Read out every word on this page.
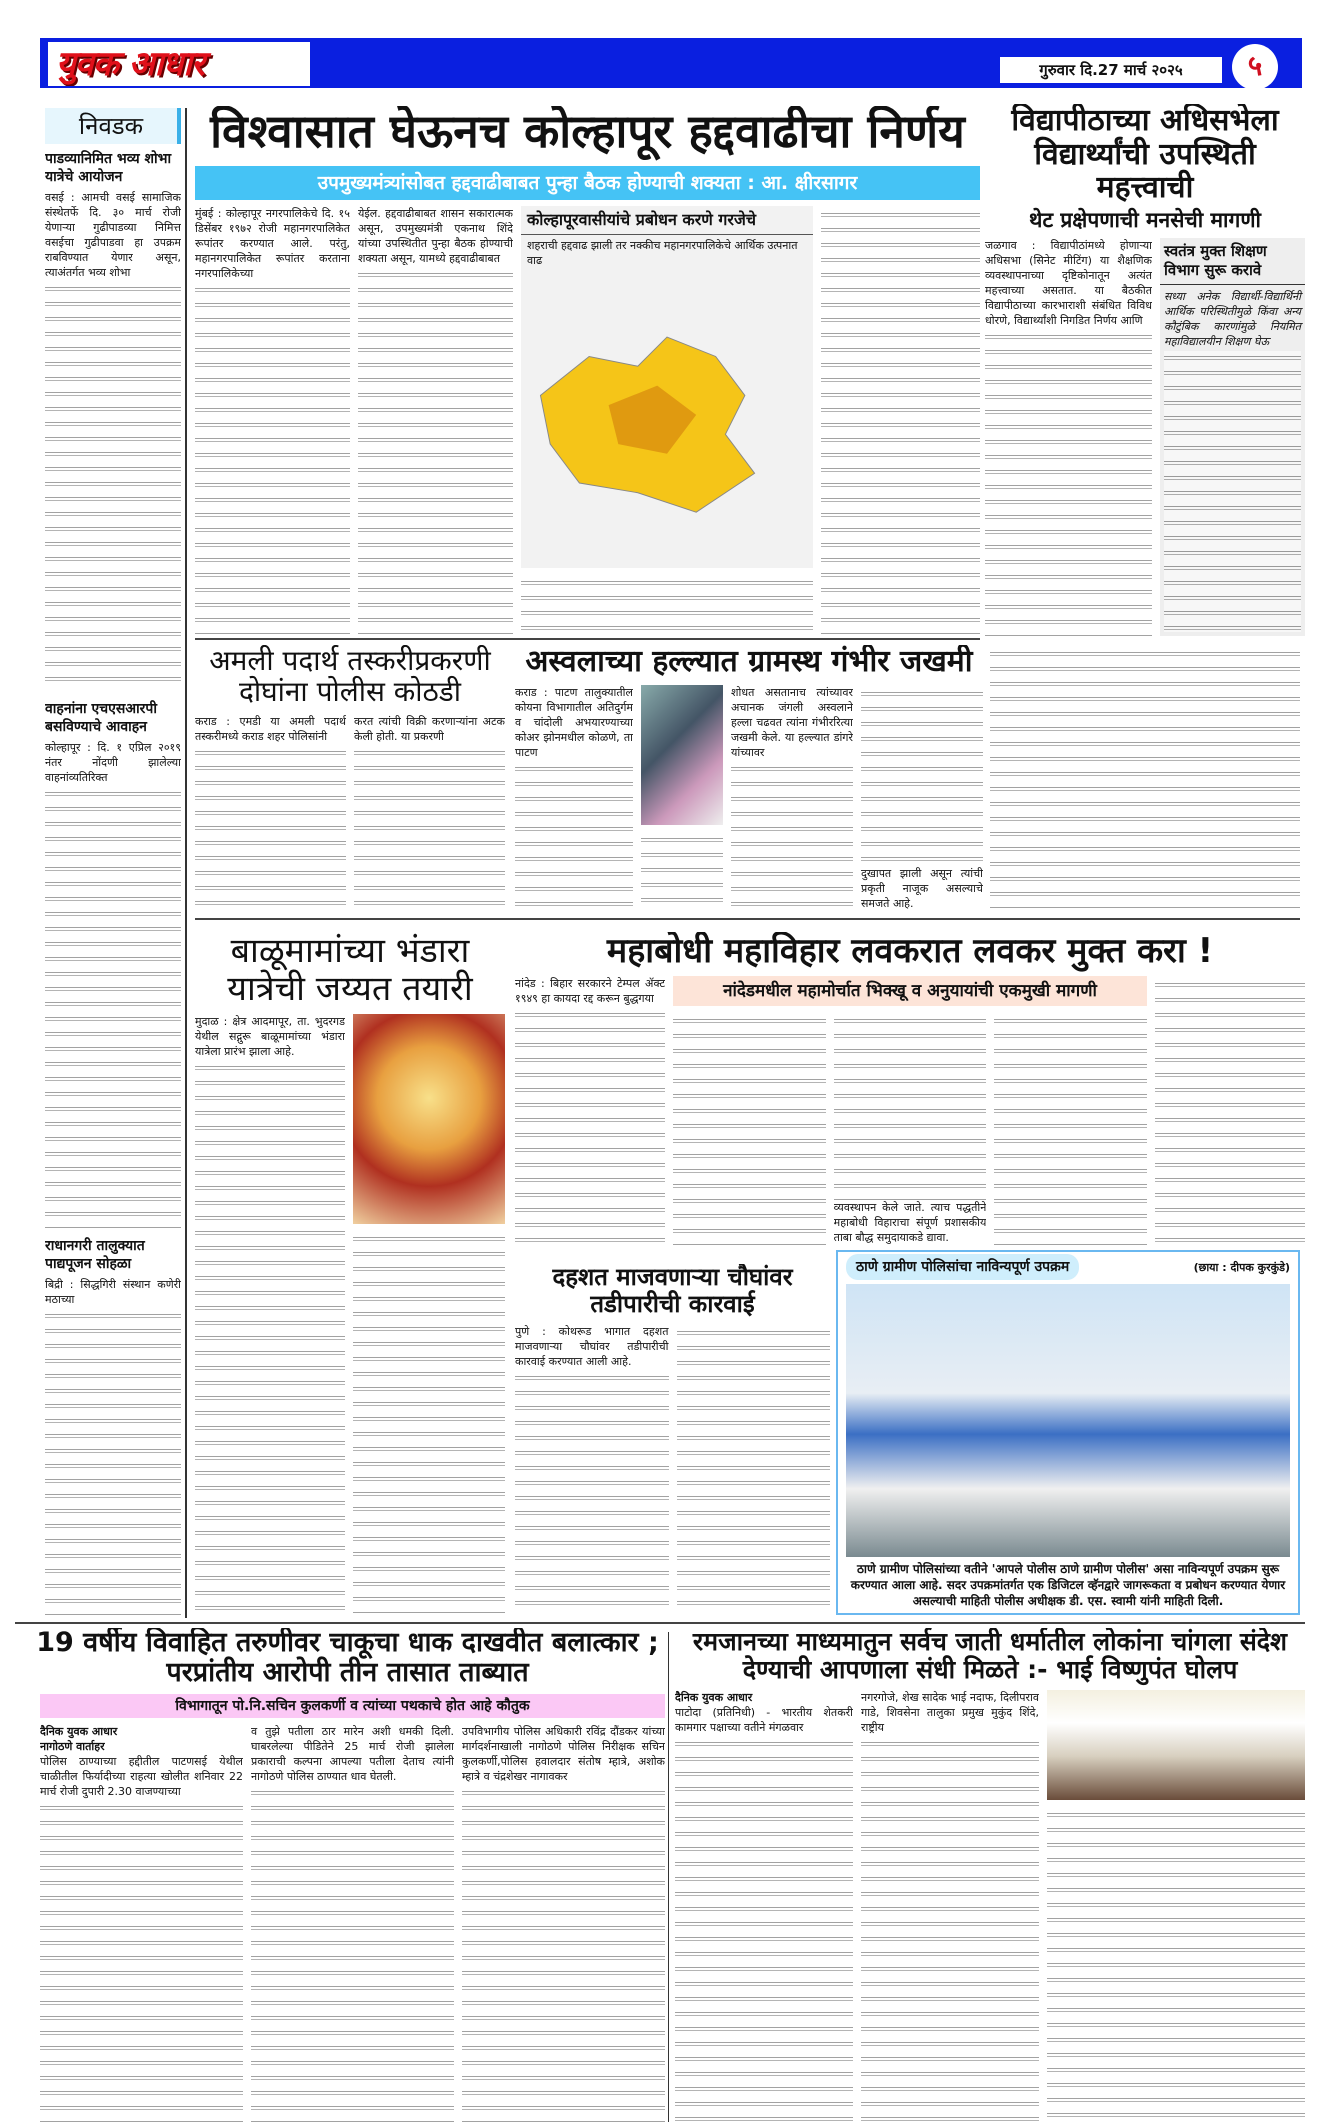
युवक आधार	गुरुवार दि.27 मार्च २०२५	५
निवडक
पाडव्यानिमित भव्य शोभा यात्रेचे आयोजन

वसई : आमची वसई सामाजिक संस्थेतर्फे दि. ३० मार्च रोजी येणाऱ्या गुढीपाडव्या निमित्त वसईचा गुढीपाडवा हा उपक्रम राबविण्यात येणार असून, त्याअंतर्गत भव्य शोभा

वाहनांना एचएसआरपी बसविण्याचे आवाहन

कोल्हापूर : दि. १ एप्रिल २०१९ नंतर नोंदणी झालेल्या वाहनांव्यतिरिक्त

राधानगरी तालुक्यात पाद्यपूजन सोहळा

बिद्री : सिद्धगिरी संस्थान कणेरी मठाच्या

विश्वासात घेऊनच कोल्हापूर हद्दवाढीचा निर्णय
उपमुख्यमंत्र्यांसोबत हद्दवाढीबाबत पुन्हा बैठक होण्याची शक्यता : आ. क्षीरसागर

मुंबई : कोल्हापूर नगरपालिकेचे दि. १५ डिसेंबर १९७२ रोजी महानगरपालिकेत रूपांतर करण्यात आले. परंतु, महानगरपालिकेत रूपांतर करताना नगरपालिकेच्या

येईल. हद्दवाढीबाबत शासन सकारात्मक असून, उपमुख्यमंत्री एकनाथ शिंदे यांच्या उपस्थितीत पुन्हा बैठक होण्याची शक्यता असून, यामध्ये हद्दवाढीबाबत

कोल्हापूरवासीयांचे प्रबोधन करणे गरजेचे
शहराची हद्दवाढ झाली तर नक्कीच महानगरपालिकेचे आर्थिक उत्पनात वाढ
विद्यापीठाच्या अधिसभेला विद्यार्थ्यांची उपस्थिती महत्त्वाची
थेट प्रक्षेपणाची मनसेची मागणी

जळगाव : विद्यापीठांमध्ये होणाऱ्या अधिसभा (सिनेट मीटिंग) या शैक्षणिक व्यवस्थापनाच्या दृष्टिकोनातून अत्यंत महत्त्वाच्या असतात. या बैठकीत विद्यापीठाच्या कारभाराशी संबंधित विविध धोरणे, विद्यार्थ्यांशी निगडित निर्णय आणि

स्वतंत्र मुक्त शिक्षण विभाग सुरू करावे

सध्या अनेक विद्यार्थी-विद्यार्थिनी आर्थिक परिस्थितीमुळे किंवा अन्य कौटुंबिक कारणांमुळे नियमित महाविद्यालयीन शिक्षण घेऊ

अमली पदार्थ तस्करीप्रकरणी दोघांना पोलीस कोठडी

कराड : एमडी या अमली पदार्थ तस्करीमध्ये कराड शहर पोलिसांनी

करत त्यांची विक्री करणाऱ्यांना अटक केली होती. या प्रकरणी

अस्वलाच्या हल्ल्यात ग्रामस्थ गंभीर जखमी

कराड : पाटण तालुक्यातील कोयना विभागातील अतिदुर्गम व चांदोली अभयारण्याच्या कोअर झोनमधील कोळणे, ता पाटण

शोधत असतानाच त्यांच्यावर अचानक जंगली अस्वलाने हल्ला चढवत त्यांना गंभीररित्या जखमी केले. या हल्ल्यात डांगरे यांच्यावर

दुखापत झाली असून त्यांची प्रकृती नाजूक असल्याचे समजते आहे.

बाळूमामांच्या भंडारा यात्रेची जय्यत तयारी

मुदाळ : क्षेत्र आदमापूर, ता. भुदरगड येथील सद्गुरू बाळूमामांच्या भंडारा यात्रेला प्रारंभ झाला आहे.

महाबोधी महाविहार लवकरात लवकर मुक्त करा !

नांदेड : बिहार सरकारने टेम्पल ॲक्ट १९४९ हा कायदा रद्द करून बुद्धगया	नांदेडमधील महामोर्चात भिक्खू व अनुयायांची एकमुखी मागणी

व्यवस्थापन केले जाते. त्याच पद्धतीने महाबोधी विहाराचा संपूर्ण प्रशासकीय ताबा बौद्ध समुदायाकडे द्यावा.

ठाणे ग्रामीण पोलिसांचा नाविन्यपूर्ण उपक्रम	(छाया : दीपक कुरकुंडे)
ठाणे ग्रामीण पोलिसांच्या वतीने 'आपले पोलीस ठाणे ग्रामीण पोलीस' असा नाविन्यपूर्ण उपक्रम सुरू करण्यात आला आहे. सदर उपक्रमांतर्गत एक डिजिटल व्हॅनद्वारे जागरूकता व प्रबोधन करण्यात येणार असल्याची माहिती पोलीस अधीक्षक डी. एस. स्वामी यांनी माहिती दिली.
दहशत माजवणाऱ्या चौघांवर तडीपारीची कारवाई

पुणे : कोथरूड भागात दहशत माजवणाऱ्या चौघांवर तडीपारीची कारवाई करण्यात आली आहे.

19 वर्षीय विवाहित तरुणीवर चाकूचा धाक दाखवीत बलात्कार ; परप्रांतीय आरोपी तीन तासात ताब्यात
विभागातून पो.नि.सचिन कुलकर्णी व त्यांच्या पथकाचे होत आहे कौतुक
दैनिक युवक आधार
नागोठणे वार्ताहर

पोलिस ठाण्याच्या हद्दीतील पाटणसई येथील चाळीतील फिर्यादीच्या राहत्या खोलीत शनिवार 22 मार्च रोजी दुपारी 2.30 वाजण्याच्या

व तुझे पतीला ठार मारेन अशी धमकी दिली. घाबरलेल्या पीडितेने 25 मार्च रोजी झालेला प्रकाराची कल्पना आपल्या पतीला देताच त्यांनी नागोठणे पोलिस ठाण्यात धाव घेतली.

उपविभागीय पोलिस अधिकारी रविंद्र दौंडकर यांच्या मार्गदर्शनाखाली नागोठणे पोलिस निरीक्षक सचिन कुलकर्णी,पोलिस हवालदार संतोष म्हात्रे, अशोक म्हात्रे व चंद्रशेखर नागावकर

रमजानच्या माध्यमातुन सर्वच जाती धर्मातील लोकांना चांगला संदेश देण्याची आपणाला संधी मिळते :- भाई विष्णुपंत घोलप
दैनिक युवक आधार

पाटोदा (प्रतिनिधी) - भारतीय शेतकरी कामगार पक्षाच्या वतीने मंगळवार

नगरगोजे, शेख सादेक भाई नदाफ, दिलीपराव गाडे, शिवसेना तालुका प्रमुख मुकुंद शिंदे, राष्ट्रीय
